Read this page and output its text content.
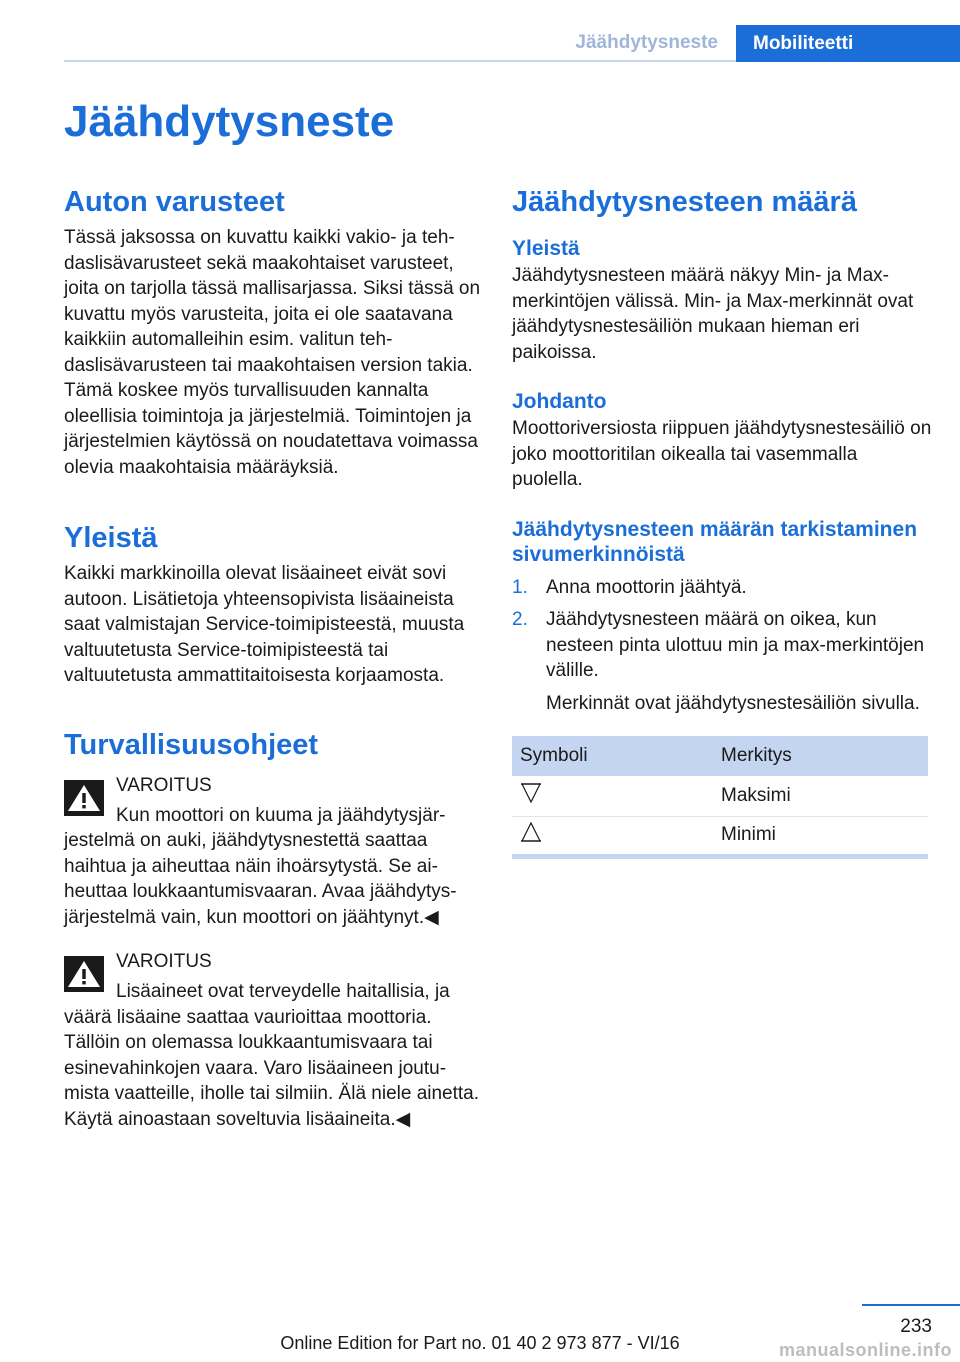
Jäähdytysneste	Mobiliteetti
Jäähdytysneste
Auton varusteet

Tässä jaksossa on kuvattu kaikki vakio- ja tehdaslisävarusteet sekä maakohtaiset varusteet, joita on tarjolla tässä mallisarjassa. Siksi tässä on kuvattu myös varusteita, joita ei ole saatavana kaikkiin automalleihin esim. valitun tehdaslisävarusteen tai maakohtaisen version takia. Tämä koskee myös turvallisuuden kannalta oleellisia toimintoja ja järjestelmiä. Toimintojen ja järjestelmien käytössä on noudatettava voimassa olevia maakohtaisia määräyksiä.

Yleistä

Kaikki markkinoilla olevat lisäaineet eivät sovi autoon. Lisätietoja yhteensopivista lisäaineista saat valmistajan Service-toimipisteestä, muusta valtuutetusta Service-toimipisteestä tai valtuutetusta ammattitaitoisesta korjaamosta.

Turvallisuusohjeet
VAROITUS
Kun moottori on kuuma ja jäähdytysjärjestelmä on auki, jäähdytysnestettä saattaa haihtua ja aiheuttaa näin ihoärsytystä. Se aiheuttaa loukkaantumisvaaran. Avaa jäähdytysjärjestelmä vain, kun moottori on jäähtynyt.◀
VAROITUS
Lisäaineet ovat terveydelle haitallisia, ja väärä lisäaine saattaa vaurioittaa moottoria. Tällöin on olemassa loukkaantumisvaara tai esinevahinkojen vaara. Varo lisäaineen joutumista vaatteille, iholle tai silmiin. Älä niele ainetta. Käytä ainoastaan soveltuvia lisäaineita.◀
Jäähdytysnesteen määrä
Yleistä

Jäähdytysnesteen määrä näkyy Min- ja Max-merkintöjen välissä. Min- ja Max-merkinnät ovat jäähdytysnestesäiliön mukaan hieman eri paikoissa.

Johdanto

Moottoriversiosta riippuen jäähdytysnestesäiliö on joko moottoritilan oikealla tai vasemmalla puolella.

Jäähdytysnesteen määrän tarkistaminen sivumerkinnöistä
1. Anna moottorin jäähtyä.
2. Jäähdytysnesteen määrä on oikea, kun nesteen pinta ulottuu min ja max-merkintöjen välille.

Merkinnät ovat jäähdytysnestesäiliön sivulla.

Symboli	Merkitys
	Maksimi
	Minimi
233
Online Edition for Part no. 01 40 2 973 877 - VI/16	manualsonline.info
